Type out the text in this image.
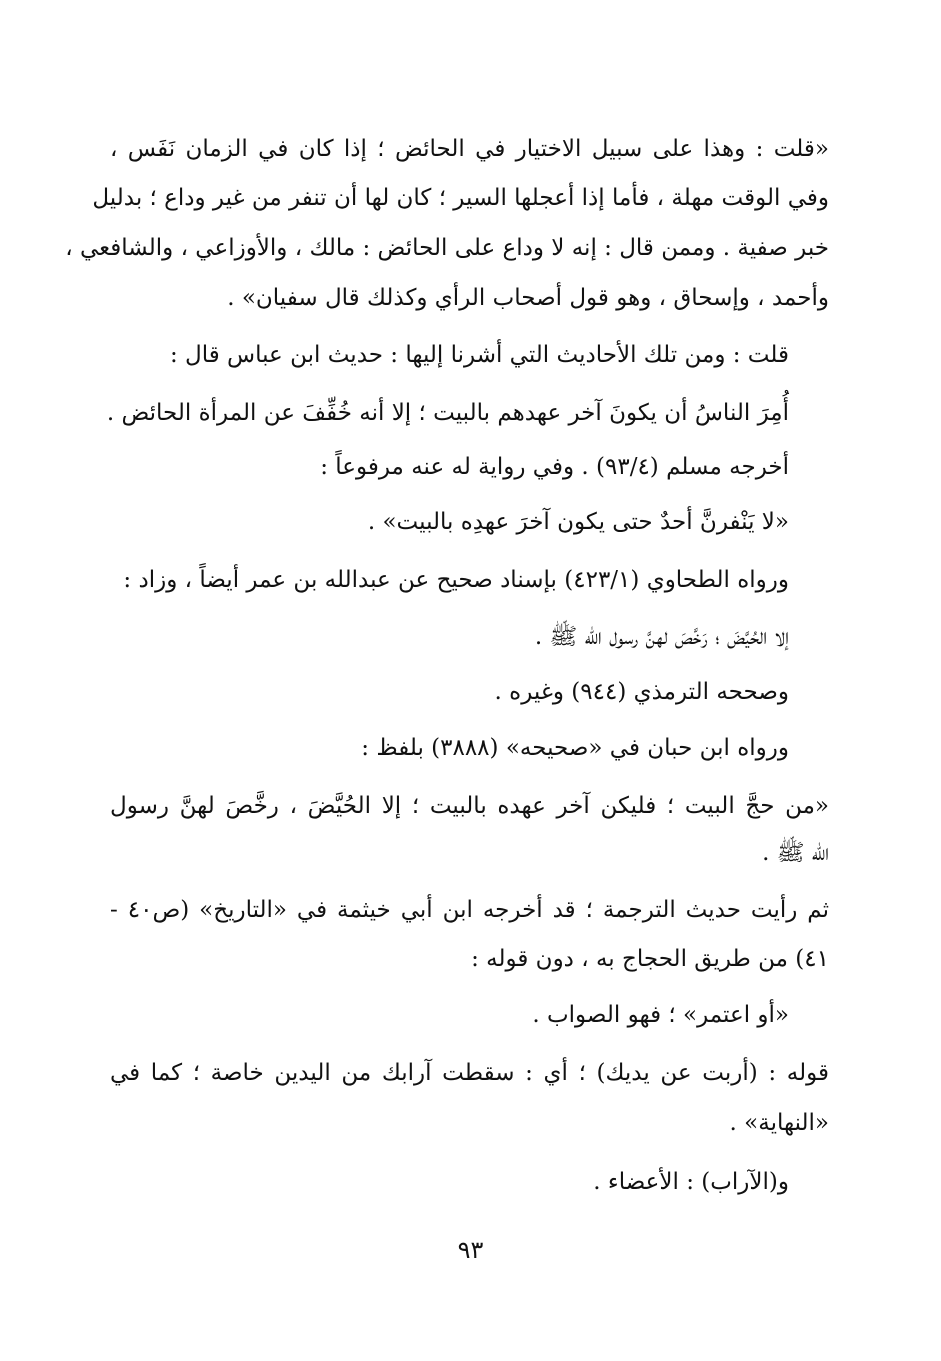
«قلت : وهذا على سبيل الاختيار في الحائض ؛ إذا كان في الزمان نَفَس ،
وفي الوقت مهلة ، فأما إذا أعجلها السير ؛ كان لها أن تنفر من غير وداع ؛ بدليل
خبر صفية . وممن قال : إنه لا وداع على الحائض : مالك ، والأوزاعي ، والشافعي ،
وأحمد ، وإسحاق ، وهو قول أصحاب الرأي وكذلك قال سفيان» .
قلت : ومن تلك الأحاديث التي أشرنا إليها : حديث ابن عباس قال :
أُمِرَ الناسُ أن يكونَ آخر عهدهم بالبيت ؛ إلا أنه خُفِّفَ عن المرأة الحائض .
أخرجه مسلم (٩٣/٤) . وفي رواية له عنه مرفوعاً :
«لا يَنْفرنَّ أحدٌ حتى يكون آخرَ عهدِه بالبيت» .
ورواه الطحاوي (٤٢٣/١) بإسناد صحيح عن عبدالله بن عمر أيضاً ، وزاد :
إلا الحُيَّضَ ؛ رَخَّصَ لهنَّ رسول الله ﷺ .
وصححه الترمذي (٩٤٤) وغيره .
ورواه ابن حبان في «صحيحه» (٣٨٨٨) بلفظ :
«من حجَّ البيت ؛ فليكن آخر عهده بالبيت ؛ إلا الحُيَّضَ ، رخَّصَ لهنَّ رسول
الله ﷺ .
ثم رأيت حديث الترجمة ؛ قد أخرجه ابن أبي خيثمة في «التاريخ» (ص٤٠ -
٤١) من طريق الحجاج به ، دون قوله :
«أو اعتمر» ؛ فهو الصواب .
قوله : (أربت عن يديك) ؛ أي : سقطت آرابك من اليدين خاصة ؛ كما في
«النهاية» .
و(الآراب) : الأعضاء .
٩٣
